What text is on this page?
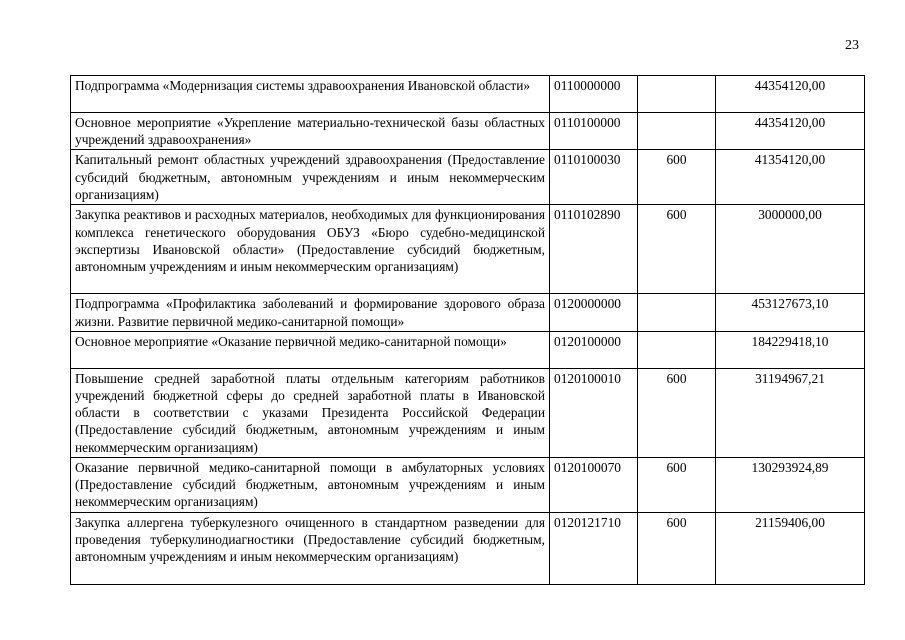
23
Подпрограмма «Модернизация системы здравоохранения Ивановской области»	0110000000		44354120,00
Основное мероприятие «Укрепление материально-технической базы областных учреждений здравоохранения»	0110100000		44354120,00
Капитальный ремонт областных учреждений здравоохранения (Предоставление субсидий бюджетным, автономным учреждениям и иным некоммерческим организациям)	0110100030	600	41354120,00
Закупка реактивов и расходных материалов, необходимых для функционирования комплекса генетического оборудования ОБУЗ «Бюро судебно-медицинской экспертизы Ивановской области» (Предоставление субсидий бюджетным, автономным учреждениям и иным некоммерческим организациям)	0110102890	600	3000000,00
Подпрограмма «Профилактика заболеваний и формирование здорового образа жизни. Развитие первичной медико-санитарной помощи»	0120000000		453127673,10
Основное мероприятие «Оказание первичной медико-санитарной помощи»	0120100000		184229418,10
Повышение средней заработной платы отдельным категориям работников учреждений бюджетной сферы до средней заработной платы в Ивановской области в соответствии с указами Президента Российской Федерации (Предоставление субсидий бюджетным, автономным учреждениям и иным некоммерческим организациям)	0120100010	600	31194967,21
Оказание первичной медико-санитарной помощи в амбулаторных условиях (Предоставление субсидий бюджетным, автономным учреждениям и иным некоммерческим организациям)	0120100070	600	130293924,89
Закупка аллергена туберкулезного очищенного в стандартном разведении для проведения туберкулинодиагностики (Предоставление субсидий бюджетным, автономным учреждениям и иным некоммерческим организациям)	0120121710	600	21159406,00
